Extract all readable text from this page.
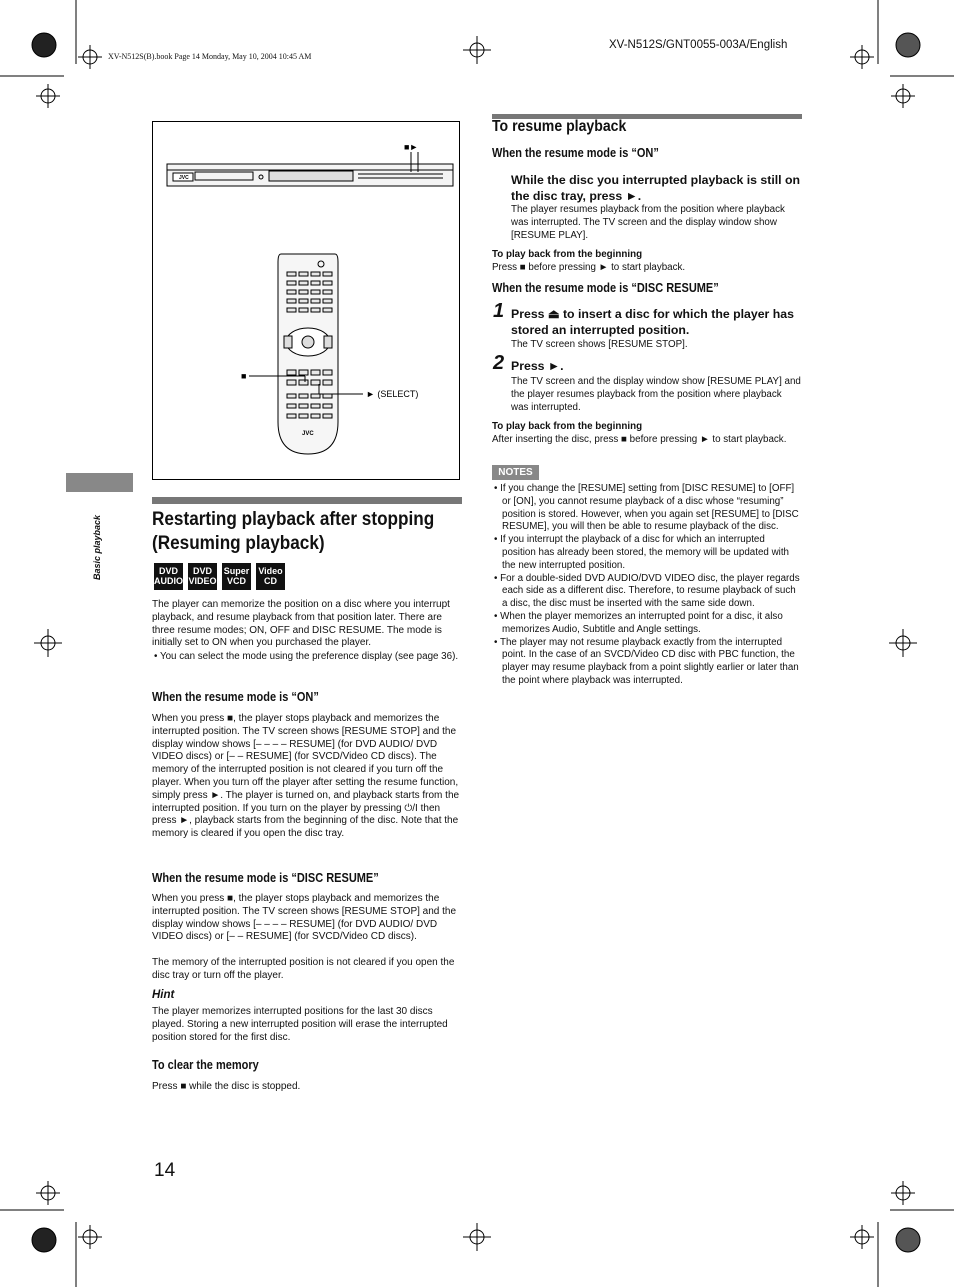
XV-N512S(B).book Page 14 Monday, May 10, 2004 10:45 AM
XV-N512S/GNT0055-003A/English
JVC
JVC
■►
■
► (SELECT)
Basic playback	Restarting playback after stopping
(Resuming playback)
DVD
AUDIO
DVD
VIDEO
Super
VCD
Video
CD
The player can memorize the position on a disc where you interrupt playback, and resume playback from that position later. There are three resume modes; ON, OFF and DISC RESUME. The mode is initially set to ON when you purchased the player.
• You can select the mode using the preference display (see page 36).
When the resume mode is “ON”
When you press ■, the player stops playback and memorizes the interrupted position. The TV screen shows [RESUME STOP] and the display window shows [– – – – RESUME] (for DVD AUDIO/ DVD VIDEO discs) or [– – RESUME] (for SVCD/Video CD discs). The memory of the interrupted position is not cleared if you turn off the player. When you turn off the player after setting the resume function, simply press ►. The player is turned on, and playback starts from the interrupted position. If you turn on the player by pressing ⏻/I then press ►, playback starts from the beginning of the disc. Note that the memory is cleared if you open the disc tray.
When the resume mode is “DISC RESUME”
When you press ■, the player stops playback and memorizes the interrupted position. The TV screen shows [RESUME STOP] and the display window shows [– – – – RESUME] (for DVD AUDIO/ DVD VIDEO discs) or [– – RESUME] (for SVCD/Video CD discs).
The memory of the interrupted position is not cleared if you open the disc tray or turn off the player.
Hint
The player memorizes interrupted positions for the last 30 discs played. Storing a new interrupted position will erase the interrupted position stored for the first disc.
To clear the memory
Press ■ while the disc is stopped.
14
To resume playback
When the resume mode is “ON”
While the disc you interrupted playback is still on the disc tray, press ►.
The player resumes playback from the position where playback was interrupted. The TV screen and the display window show [RESUME PLAY].
To play back from the beginning
Press ■ before pressing ► to start playback.
When the resume mode is “DISC RESUME”
1 Press ⏏ to insert a disc for which the player has stored an interrupted position.
The TV screen shows [RESUME STOP].
2 Press ►.
The TV screen and the display window show [RESUME PLAY] and the player resumes playback from the position where playback was interrupted.
To play back from the beginning
After inserting the disc, press ■ before pressing ► to start playback.
NOTES
• If you change the [RESUME] setting from [DISC RESUME] to [OFF] or [ON], you cannot resume playback of a disc whose “resuming” position is stored. However, when you again set [RESUME] to [DISC RESUME], you will then be able to resume playback of the disc.
• If you interrupt the playback of a disc for which an interrupted position has already been stored, the memory will be updated with the new interrupted position.
• For a double-sided DVD AUDIO/DVD VIDEO disc, the player regards each side as a different disc. Therefore, to resume playback of such a disc, the disc must be inserted with the same side down.
• When the player memorizes an interrupted point for a disc, it also memorizes Audio, Subtitle and Angle settings.
• The player may not resume playback exactly from the interrupted point. In the case of an SVCD/Video CD disc with PBC function, the player may resume playback from a point slightly earlier or later than the point where playback was interrupted.
